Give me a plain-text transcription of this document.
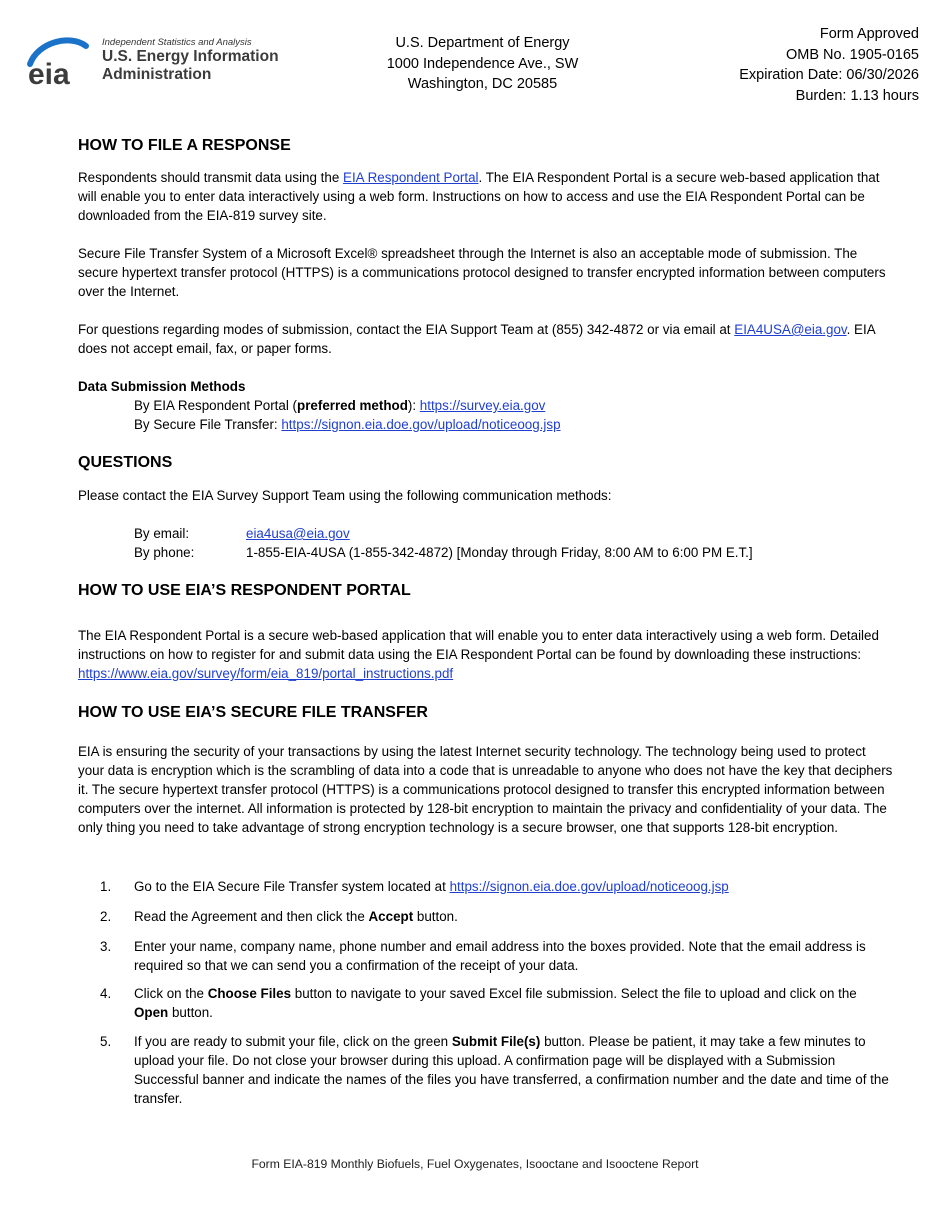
eia
Independent Statistics and Analysis
U.S. Energy Information
Administration
U.S. Department of Energy
1000 Independence Ave., SW
Washington, DC 20585
Form Approved
OMB No. 1905-0165
Expiration Date: 06/30/2026
Burden: 1.13 hours
HOW TO FILE A RESPONSE

Respondents should transmit data using the EIA Respondent Portal. The EIA Respondent Portal is a secure web-based application that will enable you to enter data interactively using a web form. Instructions on how to access and use the EIA Respondent Portal can be downloaded from the EIA-819 survey site.

Secure File Transfer System of a Microsoft Excel® spreadsheet through the Internet is also an acceptable mode of submission. The secure hypertext transfer protocol (HTTPS) is a communications protocol designed to transfer encrypted information between computers over the Internet.

For questions regarding modes of submission, contact the EIA Support Team at (855) 342-4872 or via email at EIA4USA@eia.gov. EIA does not accept email, fax, or paper forms.

Data Submission Methods

By EIA Respondent Portal (preferred method): https://survey.eia.gov
By Secure File Transfer: https://signon.eia.doe.gov/upload/noticeoog.jsp
QUESTIONS

Please contact the EIA Survey Support Team using the following communication methods:

By email:	eia4usa@eia.gov
By phone:	1-855-EIA-4USA (1-855-342-4872) [Monday through Friday, 8:00 AM to 6:00 PM E.T.]
HOW TO USE EIA’S RESPONDENT PORTAL

The EIA Respondent Portal is a secure web-based application that will enable you to enter data interactively using a web form. Detailed instructions on how to register for and submit data using the EIA Respondent Portal can be found by downloading these instructions: https://www.eia.gov/survey/form/eia_819/portal_instructions.pdf

HOW TO USE EIA’S SECURE FILE TRANSFER

EIA is ensuring the security of your transactions by using the latest Internet security technology. The technology being used to protect your data is encryption which is the scrambling of data into a code that is unreadable to anyone who does not have the key that deciphers it. The secure hypertext transfer protocol (HTTPS) is a communications protocol designed to transfer this encrypted information between computers over the internet. All information is protected by 128-bit encryption to maintain the privacy and confidentiality of your data. The only thing you need to take advantage of strong encryption technology is a secure browser, one that supports 128-bit encryption.

1. Go to the EIA Secure File Transfer system located at https://signon.eia.doe.gov/upload/noticeoog.jsp
2. Read the Agreement and then click the Accept button.
3. Enter your name, company name, phone number and email address into the boxes provided. Note that the email address is required so that we can send you a confirmation of the receipt of your data.
4. Click on the Choose Files button to navigate to your saved Excel file submission. Select the file to upload and click on the Open button.
5. If you are ready to submit your file, click on the green Submit File(s) button. Please be patient, it may take a few minutes to upload your file. Do not close your browser during this upload. A confirmation page will be displayed with a Submission Successful banner and indicate the names of the files you have transferred, a confirmation number and the date and time of the transfer.
Form EIA-819 Monthly Biofuels, Fuel Oxygenates, Isooctane and Isooctene Report
